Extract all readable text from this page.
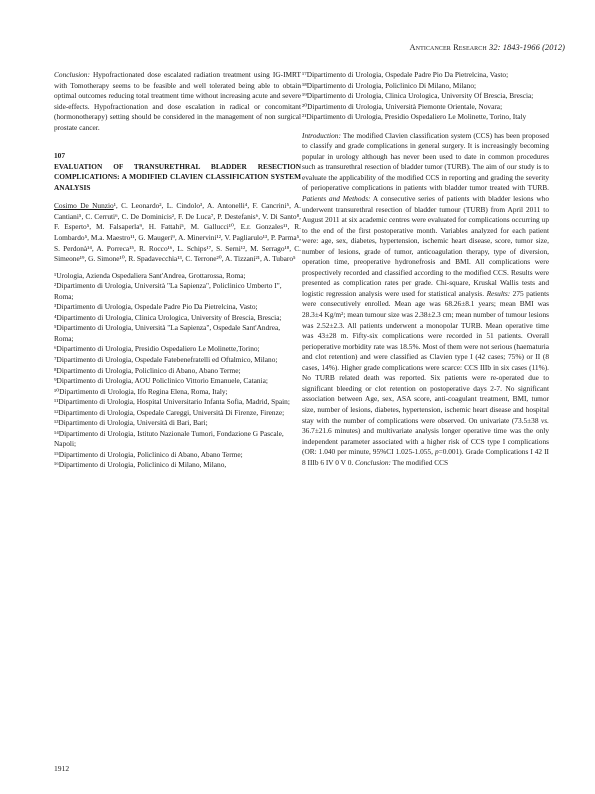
Anticancer Research 32: 1843-1966 (2012)

Conclusion: Hypofractionated dose escalated radiation treatment using IG-IMRT with Tomotherapy seems to be feasible and well tolerated being able to obtain optimal outcomes reducing total treatment time without increasing acute and severe side-effects. Hypofractionation and dose escalation in radical or concomitant (hormonotherapy) setting should be considered in the management of non surgical prostate cancer.

107

EVALUATION OF TRANSURETHRAL BLADDER RESECTION COMPLICATIONS: A MODIFIED CLAVIEN CLASSIFICATION SYSTEM ANALYSIS

Cosimo De Nunzio¹, C. Leonardo², L. Cindolo³, A. Antonelli⁴, F. Cancrini⁵, A. Cantiani⁵, C. Cerruti⁶, C. De Dominicis², F. De Luca⁷, P. Destefanis⁶, V. Di Santo⁸, F. Esperto⁵, M. Falsaperla⁹, H. Fattahi⁵, M. Gallucci¹⁰, E.r. Gonzales¹¹, R. Lombardo⁵, M.a. Maestro¹¹, G. Maugeri⁹, A. Minervini¹², V. Pagliarulo¹³, P. Parma⁵, S. Perdonà¹⁴, A. Porreca¹⁵, R. Rocco¹⁶, L. Schips¹⁷, S. Serni¹², M. Serrago¹⁸, C. Simeone¹⁹, G. Simone¹⁰, R. Spadavecchia¹³, C. Terrone²⁰, A. Tizzani²¹, A. Tubaro⁵

¹Urologia, Azienda Ospedaliera Sant'Andrea, Grottarossa, Roma;
²Dipartimento di Urologia, Università "La Sapienza", Policlinico Umberto I", Roma;
³Dipartimento di Urologia, Ospedale Padre Pio Da Pietrelcina, Vasto;
⁴Dipartimento di Urologia, Clinica Urologica, University of Brescia, Brescia;
⁵Dipartimento di Urologia, Università "La Sapienza", Ospedale Sant'Andrea, Roma;
⁶Dipartimento di Urologia, Presidio Ospedaliero Le Molinette,Torino;
⁷Dipartimento di Urologia, Ospedale Fatebenefratelli ed Oftalmico, Milano;
⁸Dipartimento di Urologia, Policlinico di Abano, Abano Terme;
⁹Dipartimento di Urologia, AOU Policlinico Vittorio Emanuele, Catania;
¹⁰Dipartimento di Urologia, Ifo Regina Elena, Roma, Italy;
¹¹Dipartimento di Urologia, Hospital Universitario Infanta Sofia, Madrid, Spain;
¹²Dipartimento di Urologia, Ospedale Careggi, Università Di Firenze, Firenze;
¹³Dipartimento di Urologia, Università di Bari, Bari;
¹⁴Dipartimento di Urologia, Istituto Nazionale Tumori, Fondazione G Pascale, Napoli;
¹⁵Dipartimento di Urologia, Policlinico di Abano, Abano Terme;
¹⁶Dipartimento di Urologia, Policlinico di Milano, Milano,
¹⁷Dipartimento di Urologia, Ospedale Padre Pio Da Pietrelcina, Vasto;
¹⁸Dipartimento di Urologia, Policlinico Di Milano, Milano;
¹⁹Dipartimento di Urologia, Clinica Urologica, University Of Brescia, Brescia;
²⁰Dipartimento di Urologia, Università Piemonte Orientale, Novara;
²¹Dipartimento di Urologia, Presidio Ospedaliero Le Molinette, Torino, Italy

Introduction: The modified Clavien classification system (CCS) has been proposed to classify and grade complications in general surgery. It is increasingly becoming popular in urology although has never been used to date in common procedures such as transurethral resection of bladder tumor (TURB). The aim of our study is to evaluate the applicability of the modified CCS in reporting and grading the severity of perioperative complications in patients with bladder tumor treated with TURB. Patients and Methods: A consecutive series of patients with bladder lesions who underwent transurethral resection of bladder tumour (TURB) from April 2011 to August 2011 at six academic centres were evaluated for complications occurring up to the end of the first postoperative month. Variables analyzed for each patient were: age, sex, diabetes, hypertension, ischemic heart disease, score, tumor size, number of lesions, grade of tumor, anticoagulation therapy, type of diversion, operation time, preoperative hydronefrosis and BMI. All complications were prospectively recorded and classified according to the modified CCS. Results were presented as complication rates per grade. Chi-square, Kruskal Wallis tests and logistic regression analysis were used for statistical analysis. Results: 275 patients were consecutively enrolled. Mean age was 68.26±8.1 years; mean BMI was 28.3±4 Kg/m²; mean tumour size was 2.38±2.3 cm; mean number of tumour lesions was 2.52±2.3. All patients underwent a monopolar TURB. Mean operative time was 43±28 m. Fifty-six complications were recorded in 51 patients. Overall perioperative morbidity rate was 18.5%. Most of them were not serious (haematuria and clot retention) and were classified as Clavien type I (42 cases; 75%) or II (8 cases, 14%). Higher grade complications were scarce: CCS IIIb in six cases (11%). No TURB related death was reported. Six patients were re-operated due to significant bleeding or clot retention on postoperative days 2-7. No significant association between Age, sex, ASA score, anti-coagulant treatment, BMI, tumor size, number of lesions, diabetes, hypertension, ischemic heart disease and hospital stay with the number of complications were observed. On univariate (73.5±38 vs. 36.7±21.6 minutes) and multivariate analysis longer operative time was the only independent parameter associated with a higher risk of CCS type I complications (OR: 1.040 per minute, 95%CI 1.025-1.055, p=0.001). Grade Complications I 42 II 8 IIIb 6 IV 0 V 0. Conclusion: The modified CCS

1912
